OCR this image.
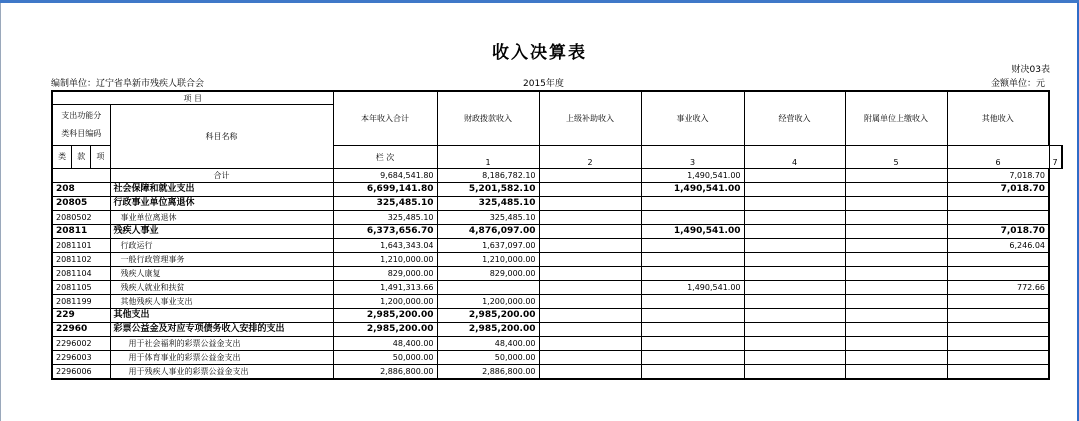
收入决算表
财决03表
编制单位：辽宁省阜新市残疾人联合会	2015年度	金额单位：元
项 目		本年收入合计	财政拨款收入	上级补助收入	事业收入	经营收入	附属单位上缴收入	其他收入	

支出功能分
类科目编码	科目名称								

类 款 项		栏 次	1	2	3	4	5	6	7
	合计	9,684,541.80	8,186,782.10		1,490,541.00			7,018.70	
208	社会保障和就业支出	6,699,141.80	5,201,582.10		1,490,541.00			7,018.70	
20805	行政事业单位离退休	325,485.10	325,485.10						
2080502	事业单位离退休	325,485.10	325,485.10						
20811	残疾人事业	6,373,656.70	4,876,097.00		1,490,541.00			7,018.70	
2081101	行政运行	1,643,343.04	1,637,097.00					6,246.04	
2081102	一般行政管理事务	1,210,000.00	1,210,000.00						
2081104	残疾人康复	829,000.00	829,000.00						
2081105	残疾人就业和扶贫	1,491,313.66			1,490,541.00			772.66	
2081199	其他残疾人事业支出	1,200,000.00	1,200,000.00						
229	其他支出	2,985,200.00	2,985,200.00						
22960	彩票公益金及对应专项债务收入安排的支出	2,985,200.00	2,985,200.00						
2296002	用于社会福利的彩票公益金支出	48,400.00	48,400.00						
2296003	用于体育事业的彩票公益金支出	50,000.00	50,000.00						
2296006	用于残疾人事业的彩票公益金支出	2,886,800.00	2,886,800.00						
